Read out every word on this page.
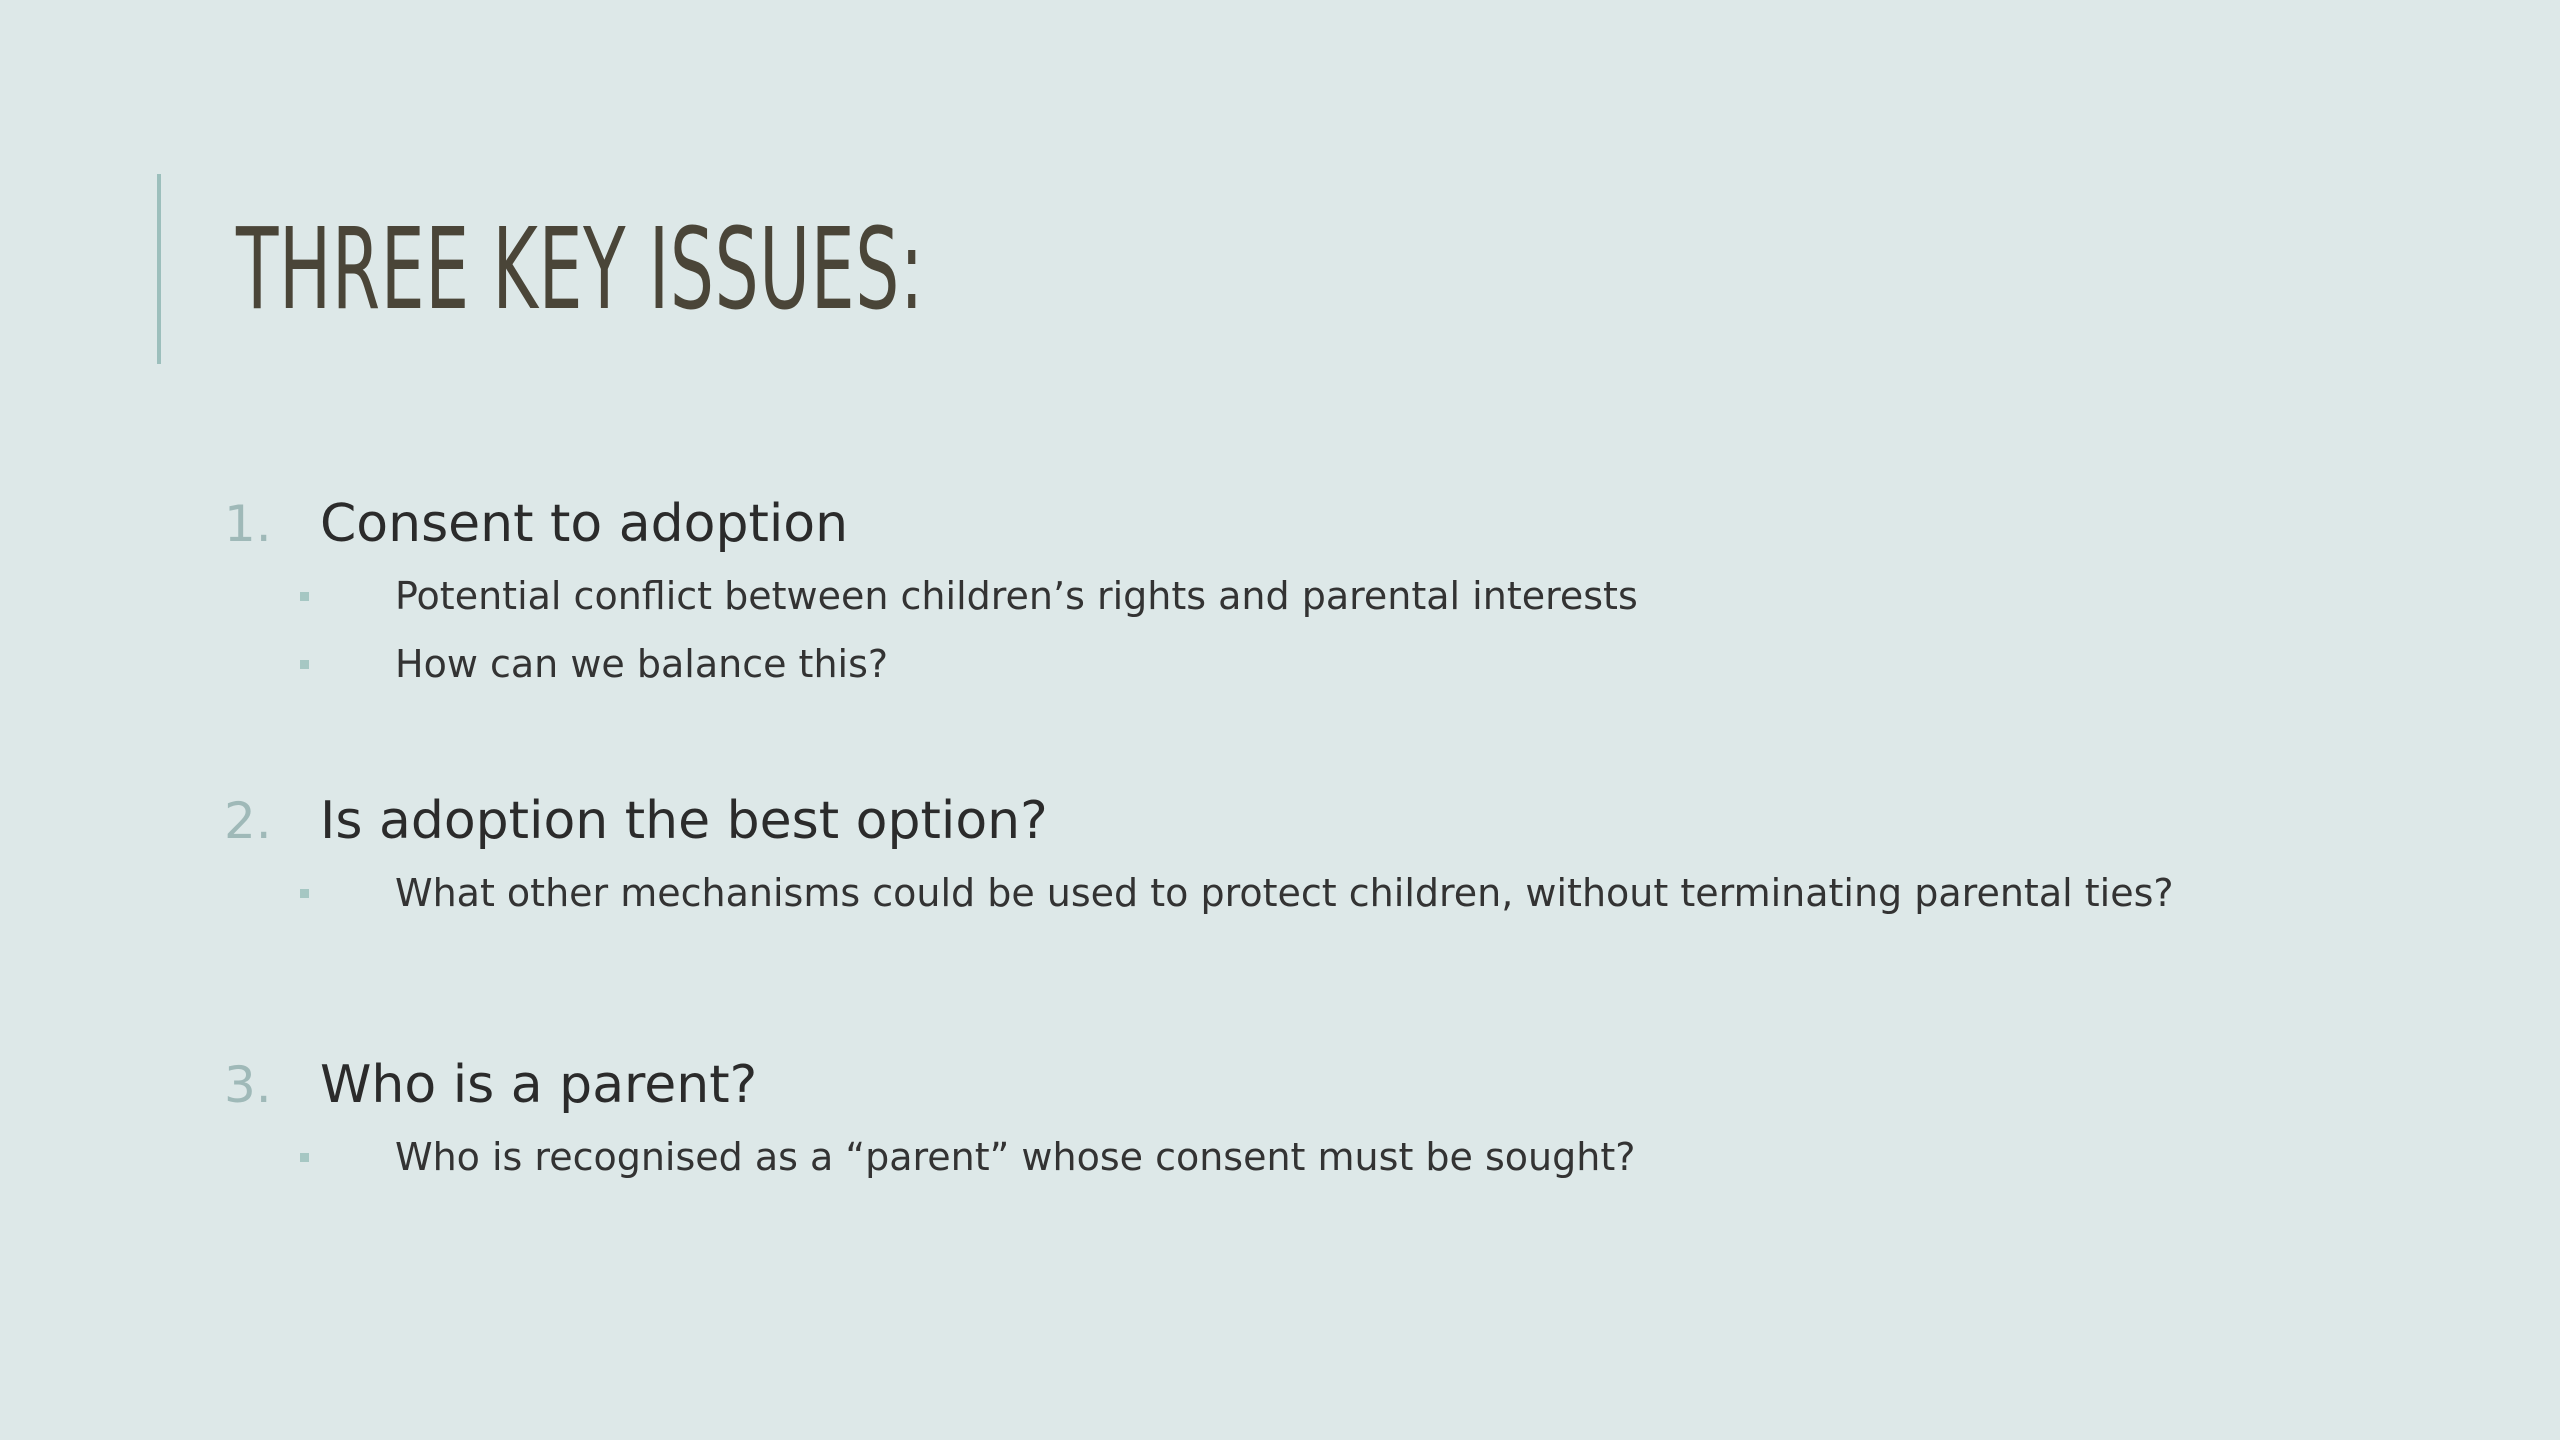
THREE KEY ISSUES:
1. Consent to adoption
Potential conflict between children’s rights and parental interests
How can we balance this?
2. Is adoption the best option?
What other mechanisms could be used to protect children, without terminating parental ties?
3. Who is a parent?
Who is recognised as a “parent” whose consent must be sought?
